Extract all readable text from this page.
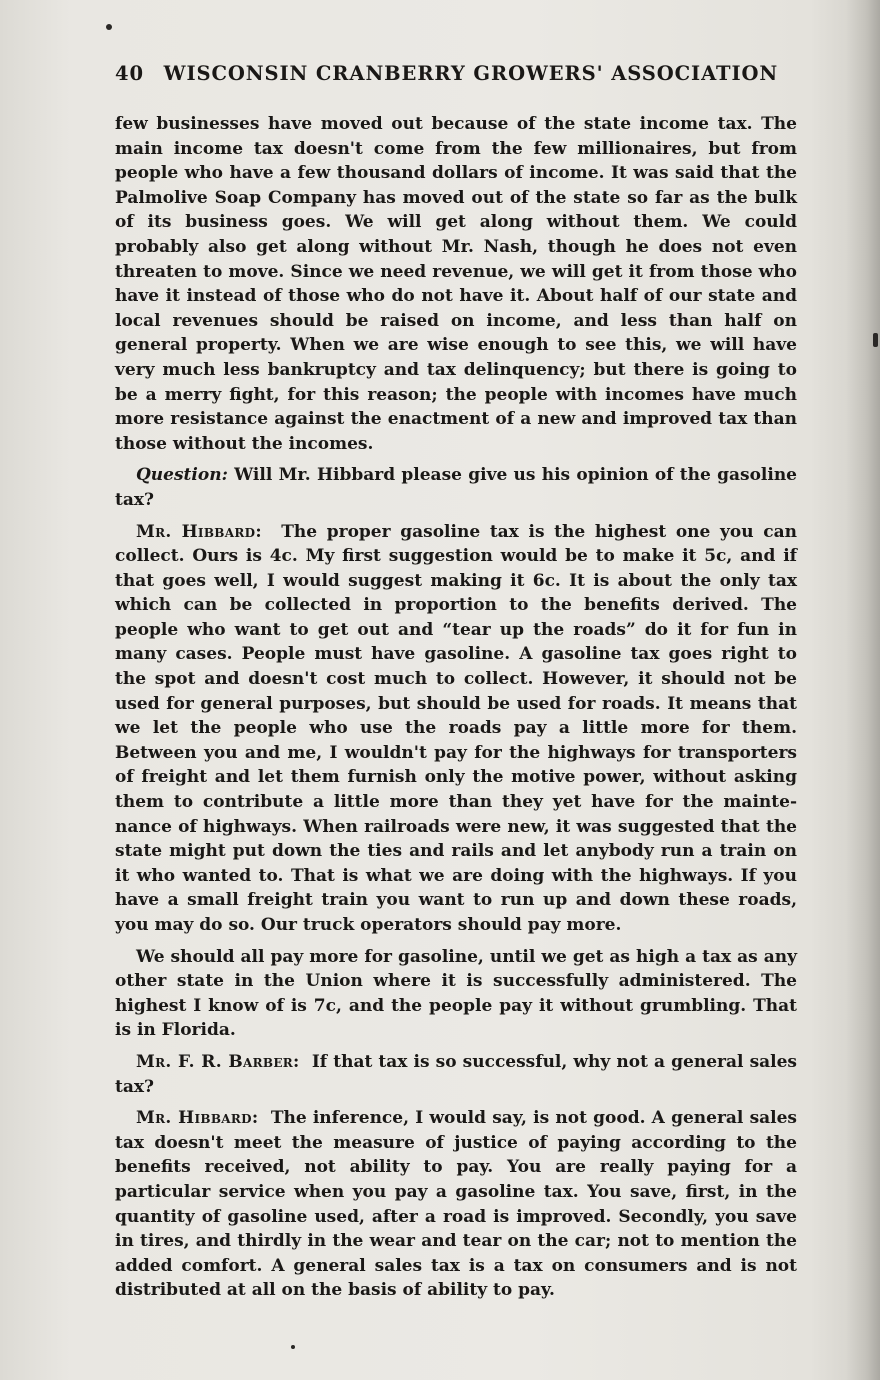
40 WISCONSIN CRANBERRY GROWERS' ASSOCIATION

few businesses have moved out because of the state income tax. The main income tax doesn't come from the few millionaires, but from people who have a few thousand dollars of income. It was said that the Palmolive Soap Company has moved out of the state so far as the bulk of its business goes. We will get along without them. We could probably also get along without Mr. Nash, though he does not even threaten to move. Since we need revenue, we will get it from those who have it instead of those who do not have it. About half of our state and local revenues should be raised on income, and less than half on general property. When we are wise enough to see this, we will have very much less bankruptcy and tax delinquency; but there is going to be a merry fight, for this reason; the people with incomes have much more resistance against the enactment of a new and improved tax than those without the incomes.

Question: Will Mr. Hibbard please give us his opinion of the gasoline tax?

Mr. Hibbard: The proper gasoline tax is the highest one you can collect. Ours is 4c. My first suggestion would be to make it 5c, and if that goes well, I would suggest making it 6c. It is about the only tax which can be collected in proportion to the benefits derived. The people who want to get out and “tear up the roads” do it for fun in many cases. People must have gasoline. A gasoline tax goes right to the spot and doesn't cost much to collect. However, it should not be used for general purposes, but should be used for roads. It means that we let the people who use the roads pay a little more for them. Between you and me, I wouldn't pay for the highways for transporters of freight and let them furnish only the motive power, without asking them to contribute a little more than they yet have for the maintenance of highways. When railroads were new, it was suggested that the state might put down the ties and rails and let anybody run a train on it who wanted to. That is what we are doing with the highways. If you have a small freight train you want to run up and down these roads, you may do so. Our truck operators should pay more.

We should all pay more for gasoline, until we get as high a tax as any other state in the Union where it is successfully administered. The highest I know of is 7c, and the people pay it without grumbling. That is in Florida.

Mr. F. R. Barber: If that tax is so successful, why not a general sales tax?

Mr. Hibbard: The inference, I would say, is not good. A general sales tax doesn't meet the measure of justice of paying according to the benefits received, not ability to pay. You are really paying for a particular service when you pay a gasoline tax. You save, first, in the quantity of gasoline used, after a road is improved. Secondly, you save in tires, and thirdly in the wear and tear on the car; not to mention the added comfort. A general sales tax is a tax on consumers and is not distributed at all on the basis of ability to pay.
